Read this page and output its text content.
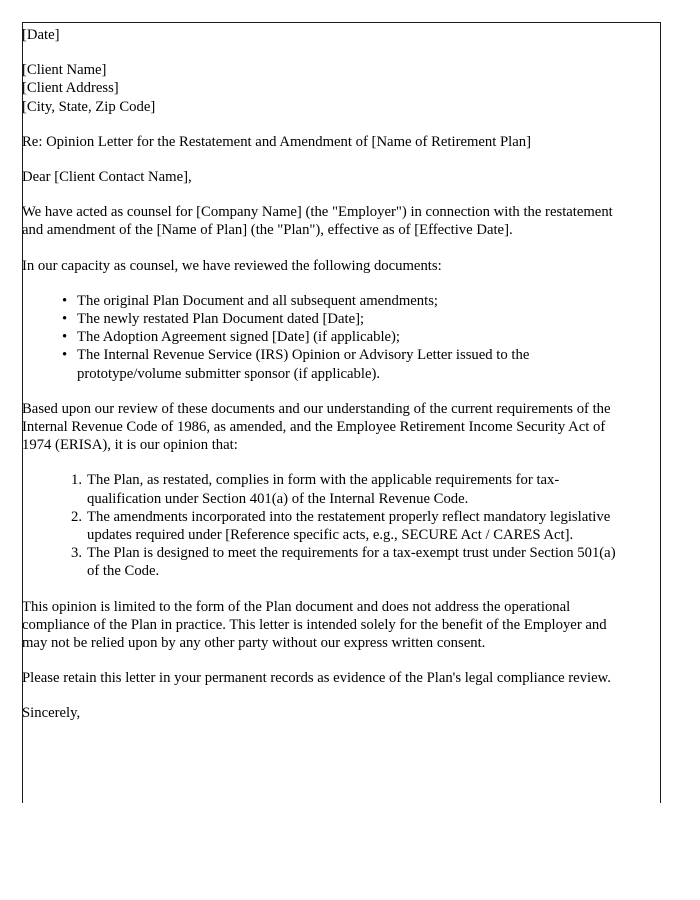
[Date]

[Client Name]
[Client Address]
[City, State, Zip Code]

Re: Opinion Letter for the Restatement and Amendment of [Name of Retirement Plan]

Dear [Client Contact Name],

We have acted as counsel for [Company Name] (the "Employer") in connection with the restatement and amendment of the [Name of Plan] (the "Plan"), effective as of [Effective Date].

In our capacity as counsel, we have reviewed the following documents:

• The original Plan Document and all subsequent amendments;
• The newly restated Plan Document dated [Date];
• The Adoption Agreement signed [Date] (if applicable);
• The Internal Revenue Service (IRS) Opinion or Advisory Letter issued to the prototype/volume submitter sponsor (if applicable).

Based upon our review of these documents and our understanding of the current requirements of the Internal Revenue Code of 1986, as amended, and the Employee Retirement Income Security Act of 1974 (ERISA), it is our opinion that:

The Plan, as restated, complies in form with the applicable requirements for tax-qualification under Section 401(a) of the Internal Revenue Code.
The amendments incorporated into the restatement properly reflect mandatory legislative updates required under [Reference specific acts, e.g., SECURE Act / CARES Act].
The Plan is designed to meet the requirements for a tax-exempt trust under Section 501(a) of the Code.

This opinion is limited to the form of the Plan document and does not address the operational compliance of the Plan in practice. This letter is intended solely for the benefit of the Employer and may not be relied upon by any other party without our express written consent.

Please retain this letter in your permanent records as evidence of the Plan's legal compliance review.

Sincerely,
